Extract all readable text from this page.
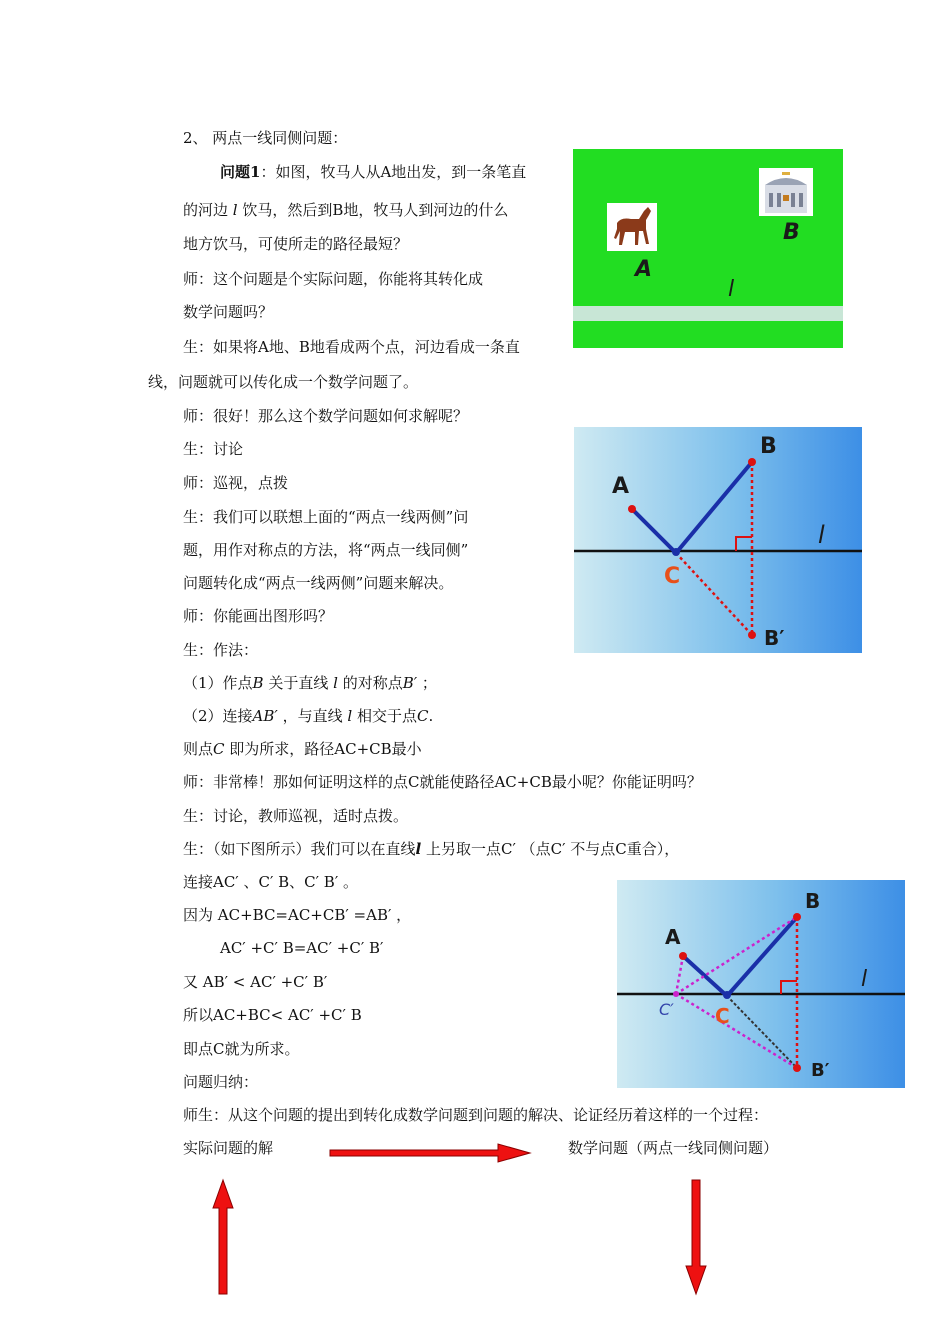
2、 两点一线同侧问题：
问题1：如图，牧马人从A地出发，到一条笔直
的河边 l 饮马，然后到B地，牧马人到河边的什么
地方饮马，可使所走的路径最短？
师：这个问题是个实际问题，你能将其转化成
数学问题吗？
生：如果将A地、B地看成两个点，河边看成一条直
线，问题就可以传化成一个数学问题了。
师：很好！那么这个数学问题如何求解呢？
生：讨论
师：巡视，点拨
生：我们可以联想上面的“两点一线两侧”问
题，用作对称点的方法，将“两点一线同侧”
问题转化成“两点一线两侧”问题来解决。
师：你能画出图形吗？
生：作法：
（1）作点B 关于直线 l 的对称点B′ ；
（2）连接AB′ ，与直线 l 相交于点C.
则点C 即为所求，路径AC+CB最小
师：非常棒！那如何证明这样的点C就能使路径AC+CB最小呢？你能证明吗？
生：讨论，教师巡视，适时点拨。
生：（如下图所示）我们可以在直线l 上另取一点C′ （点C′ 不与点C重合），
连接AC′ 、C′ B、C′ B′ 。
因为 AC+BC=AC+CB′ =AB′ ，
AC′ +C′ B=AC′ +C′ B′
又 AB′ < AC′ +C′ B′
所以AC+BC< AC′ +C′ B
即点C就为所求。
问题归纳：
师生：从这个问题的提出到转化成数学问题到问题的解决、论证经历着这样的一个过程：
实际问题的解	数学问题（两点一线同侧问题）
A
B
l
A
B
C
B′
l
A
B
C
C′
B′
l
